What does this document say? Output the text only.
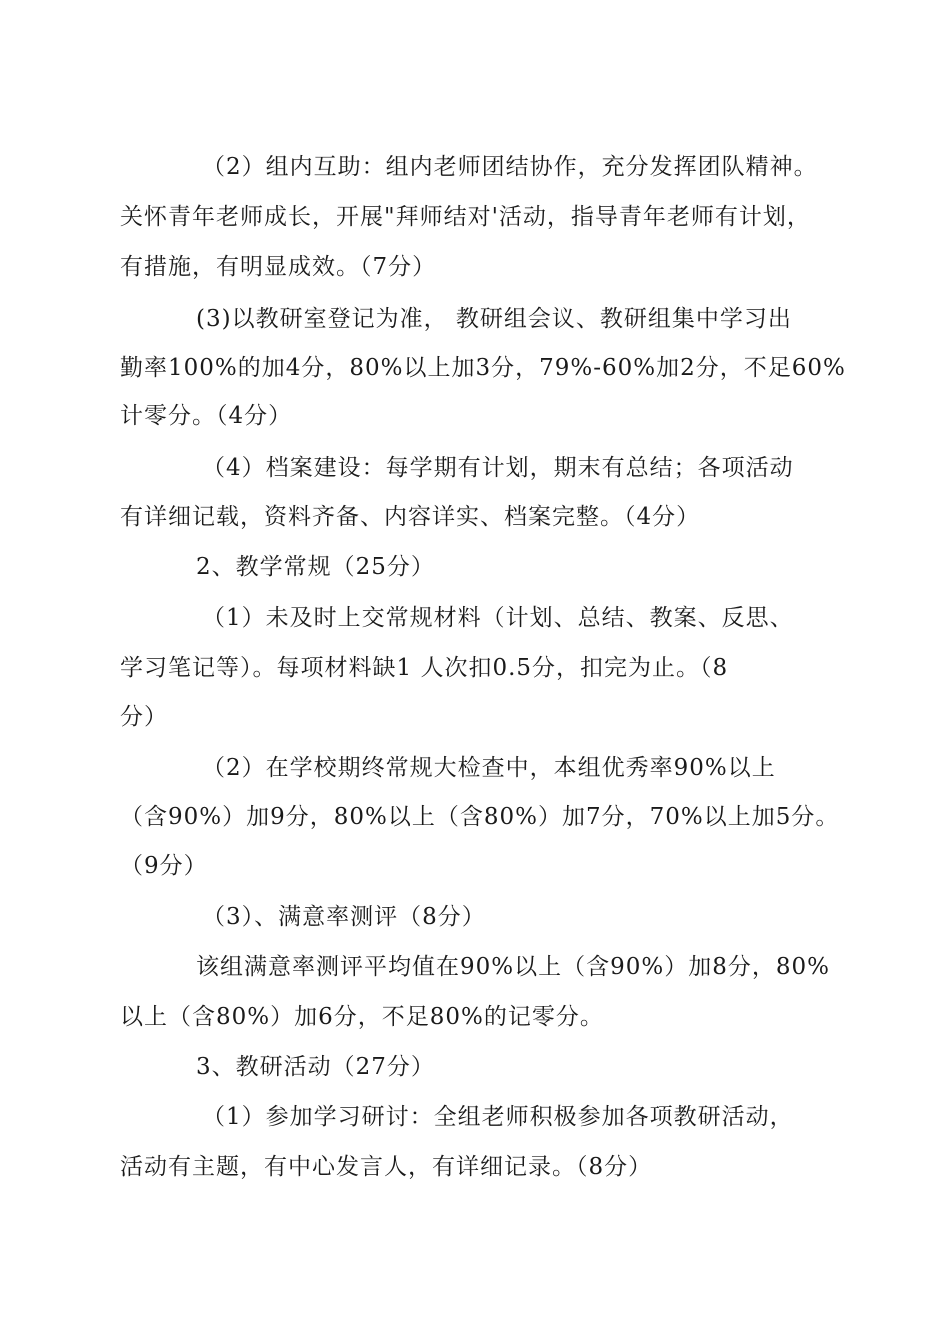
（2）组内互助：组内老师团结协作，充分发挥团队精神。
关怀青年老师成长，开展"拜师结对'活动，指导青年老师有计划，
有措施，有明显成效。（7分）
(3)以教研室登记为准， 教研组会议、教研组集中学习出
勤率100%的加4分，80%以上加3分，79%-60%加2分，不足60%
计零分。（4分）
（4）档案建设：每学期有计划，期末有总结；各项活动
有详细记载，资料齐备、内容详实、档案完整。（4分）
2、教学常规（25分）
（1）未及时上交常规材料（计划、总结、教案、反思、
学习笔记等）。每项材料缺1 人次扣0.5分，扣完为止。（8
分）
（2）在学校期终常规大检查中，本组优秀率90%以上
（含90%）加9分，80%以上（含80%）加7分，70%以上加5分。
（9分）
（3）、满意率测评（8分）
该组满意率测评平均值在90%以上（含90%）加8分，80%
以上（含80%）加6分，不足80%的记零分。
3、教研活动（27分）
（1）参加学习研讨：全组老师积极参加各项教研活动，
活动有主题，有中心发言人，有详细记录。（8分）
